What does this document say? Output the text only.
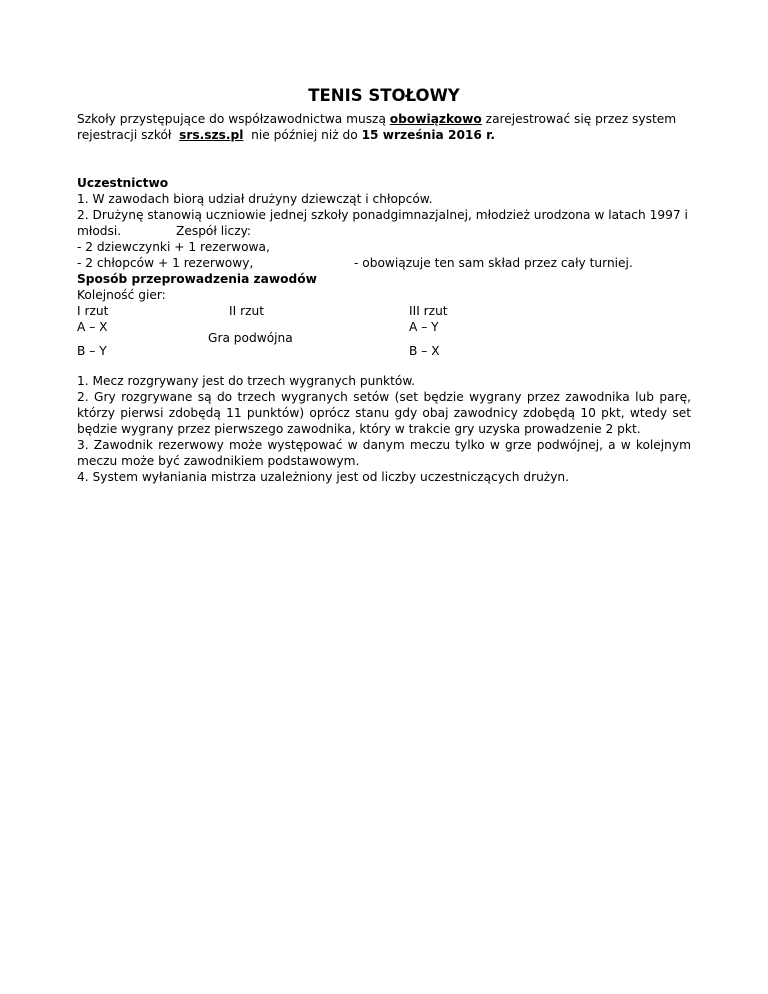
TENIS STOŁOWY
Szkoły przystępujące do współzawodnictwa muszą obowiązkowo zarejestrować się przez system
rejestracji szkół  srs.szs.pl  nie później niż do 15 września 2016 r.
Uczestnictwo
1. W zawodach biorą udział drużyny dziewcząt i chłopców.
2. Drużynę stanowią uczniowie jednej szkoły ponadgimnazjalnej, młodzież urodzona w latach 1997 i
młodsi.	Zespół liczy:
- 2 dziewczynki + 1 rezerwowa,
- 2 chłopców + 1 rezerwowy,	- obowiązuje ten sam skład przez cały turniej.
Sposób przeprowadzenia zawodów
Kolejność gier:
I rzut	II rzut	III rzut
A – X	A – Y
Gra podwójna
B – Y	B – X

1. Mecz rozgrywany jest do trzech wygranych punktów.

2. Gry rozgrywane są do trzech wygranych setów (set będzie wygrany przez zawodnika lub parę, którzy pierwsi zdobędą 11 punktów) oprócz stanu gdy obaj zawodnicy zdobędą 10 pkt, wtedy set będzie wygrany przez pierwszego zawodnika, który w trakcie gry uzyska prowadzenie 2 pkt.

3. Zawodnik rezerwowy może występować w danym meczu tylko w grze podwójnej, a w kolejnym meczu może być zawodnikiem podstawowym.

4. System wyłaniania mistrza uzależniony jest od liczby uczestniczących drużyn.
